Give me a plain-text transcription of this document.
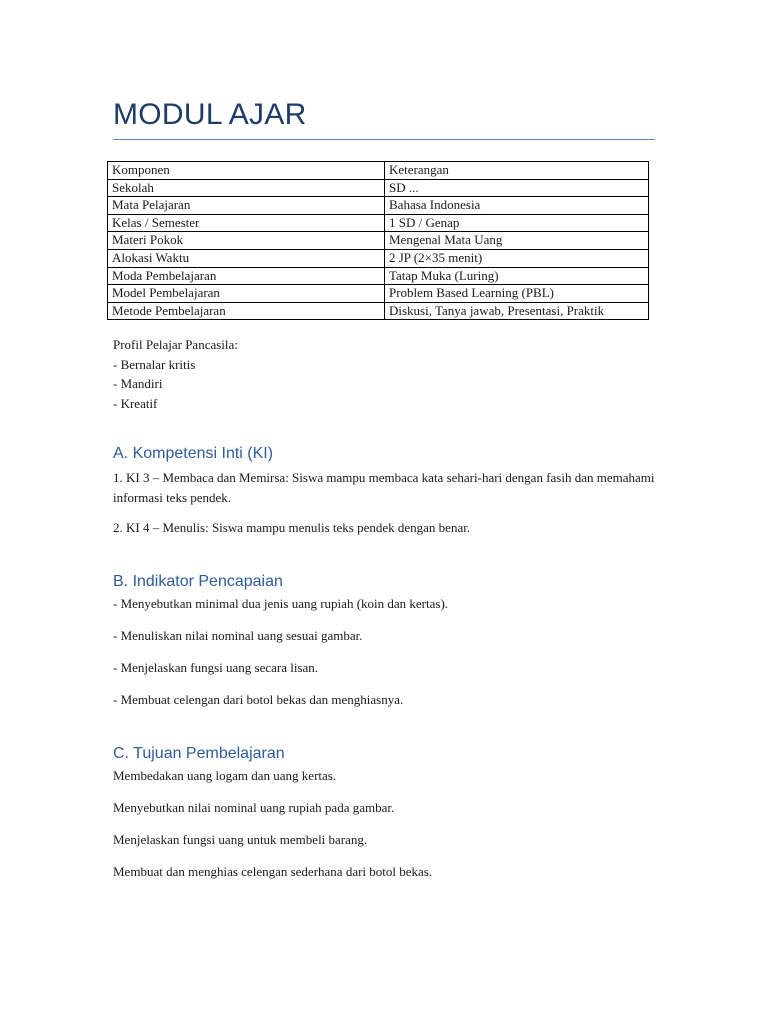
MODUL AJAR
Komponen	Keterangan
Sekolah	SD ...
Mata Pelajaran	Bahasa Indonesia
Kelas / Semester	1 SD / Genap
Materi Pokok	Mengenal Mata Uang
Alokasi Waktu	2 JP (2×35 menit)
Moda Pembelajaran	Tatap Muka (Luring)
Model Pembelajaran	Problem Based Learning (PBL)
Metode Pembelajaran	Diskusi, Tanya jawab, Presentasi, Praktik
Profil Pelajar Pancasila:
- Bernalar kritis
- Mandiri
- Kreatif
A. Kompetensi Inti (KI)
1. KI 3 – Membaca dan Memirsa: Siswa mampu membaca kata sehari-hari dengan fasih dan memahami informasi teks pendek.
2. KI 4 – Menulis: Siswa mampu menulis teks pendek dengan benar.
B. Indikator Pencapaian
- Menyebutkan minimal dua jenis uang rupiah (koin dan kertas).
- Menuliskan nilai nominal uang sesuai gambar.
- Menjelaskan fungsi uang secara lisan.
- Membuat celengan dari botol bekas dan menghiasnya.
C. Tujuan Pembelajaran
Membedakan uang logam dan uang kertas.
Menyebutkan nilai nominal uang rupiah pada gambar.
Menjelaskan fungsi uang untuk membeli barang.
Membuat dan menghias celengan sederhana dari botol bekas.
